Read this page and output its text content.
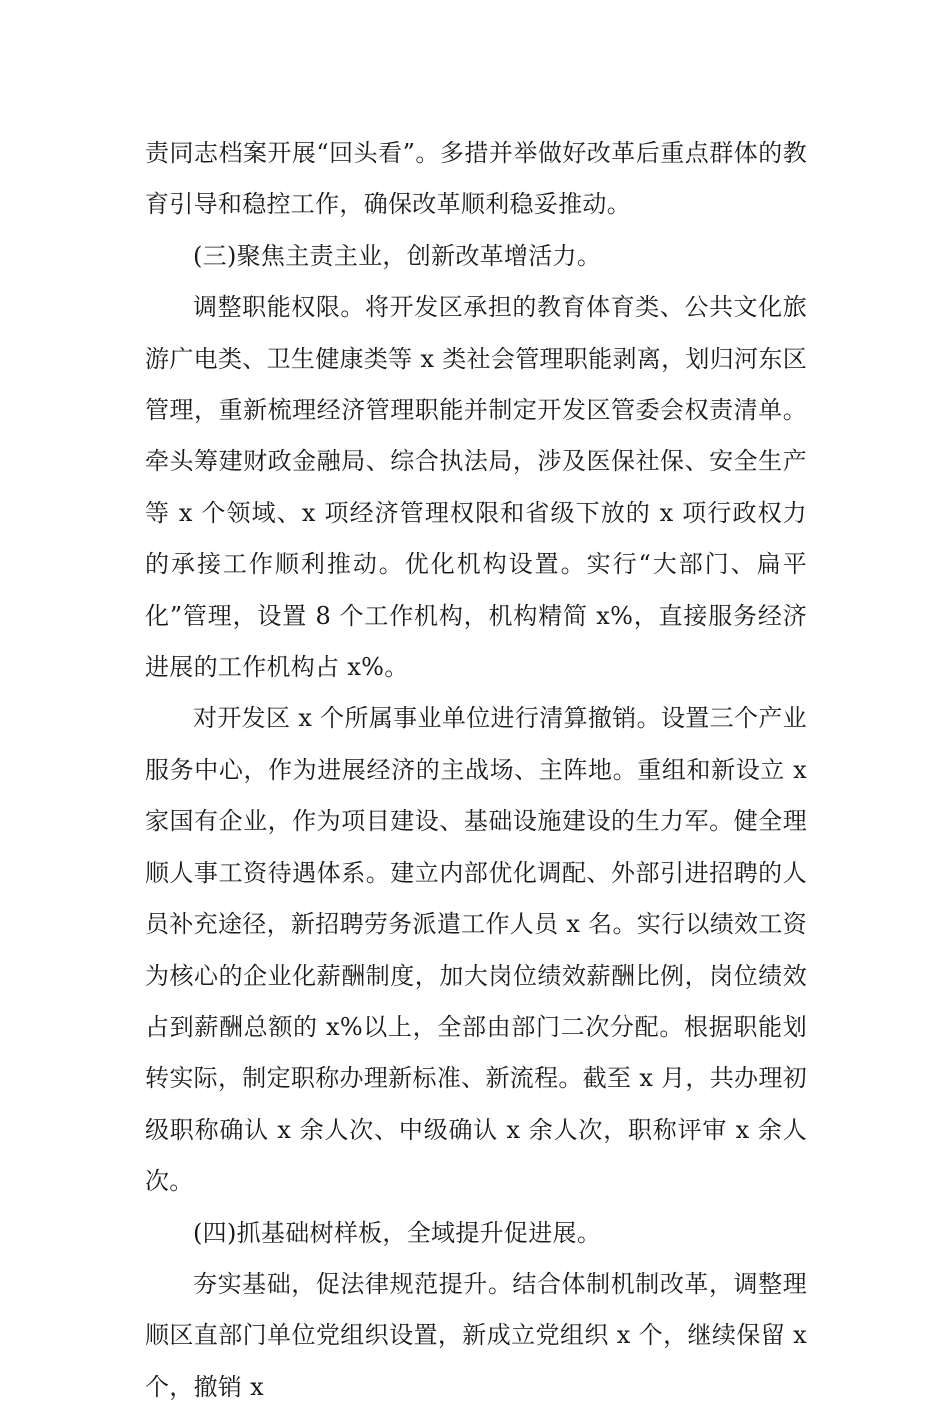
责同志档案开展“回头看”。多措并举做好改革后重点群体的教育引导和稳控工作，确保改革顺利稳妥推动。

(三)聚焦主责主业，创新改革增活力。

调整职能权限。将开发区承担的教育体育类、公共文化旅游广电类、卫生健康类等 x 类社会管理职能剥离，划归河东区管理，重新梳理经济管理职能并制定开发区管委会权责清单。牵头筹建财政金融局、综合执法局，涉及医保社保、安全生产等 x 个领域、x 项经济管理权限和省级下放的 x 项行政权力的承接工作顺利推动。优化机构设置。实行“大部门、扁平化”管理，设置 8 个工作机构，机构精简 x%，直接服务经济进展的工作机构占 x%。

对开发区 x 个所属事业单位进行清算撤销。设置三个产业服务中心，作为进展经济的主战场、主阵地。重组和新设立 x 家国有企业，作为项目建设、基础设施建设的生力军。健全理顺人事工资待遇体系。建立内部优化调配、外部引进招聘的人员补充途径，新招聘劳务派遣工作人员 x 名。实行以绩效工资为核心的企业化薪酬制度，加大岗位绩效薪酬比例，岗位绩效占到薪酬总额的 x%以上，全部由部门二次分配。根据职能划转实际，制定职称办理新标准、新流程。截至 x 月，共办理初级职称确认 x 余人次、中级确认 x 余人次，职称评审 x 余人次。

(四)抓基础树样板，全域提升促进展。

夯实基础，促法律规范提升。结合体制机制改革，调整理顺区直部门单位党组织设置，新成立党组织 x 个，继续保留 x 个，撤销 x
